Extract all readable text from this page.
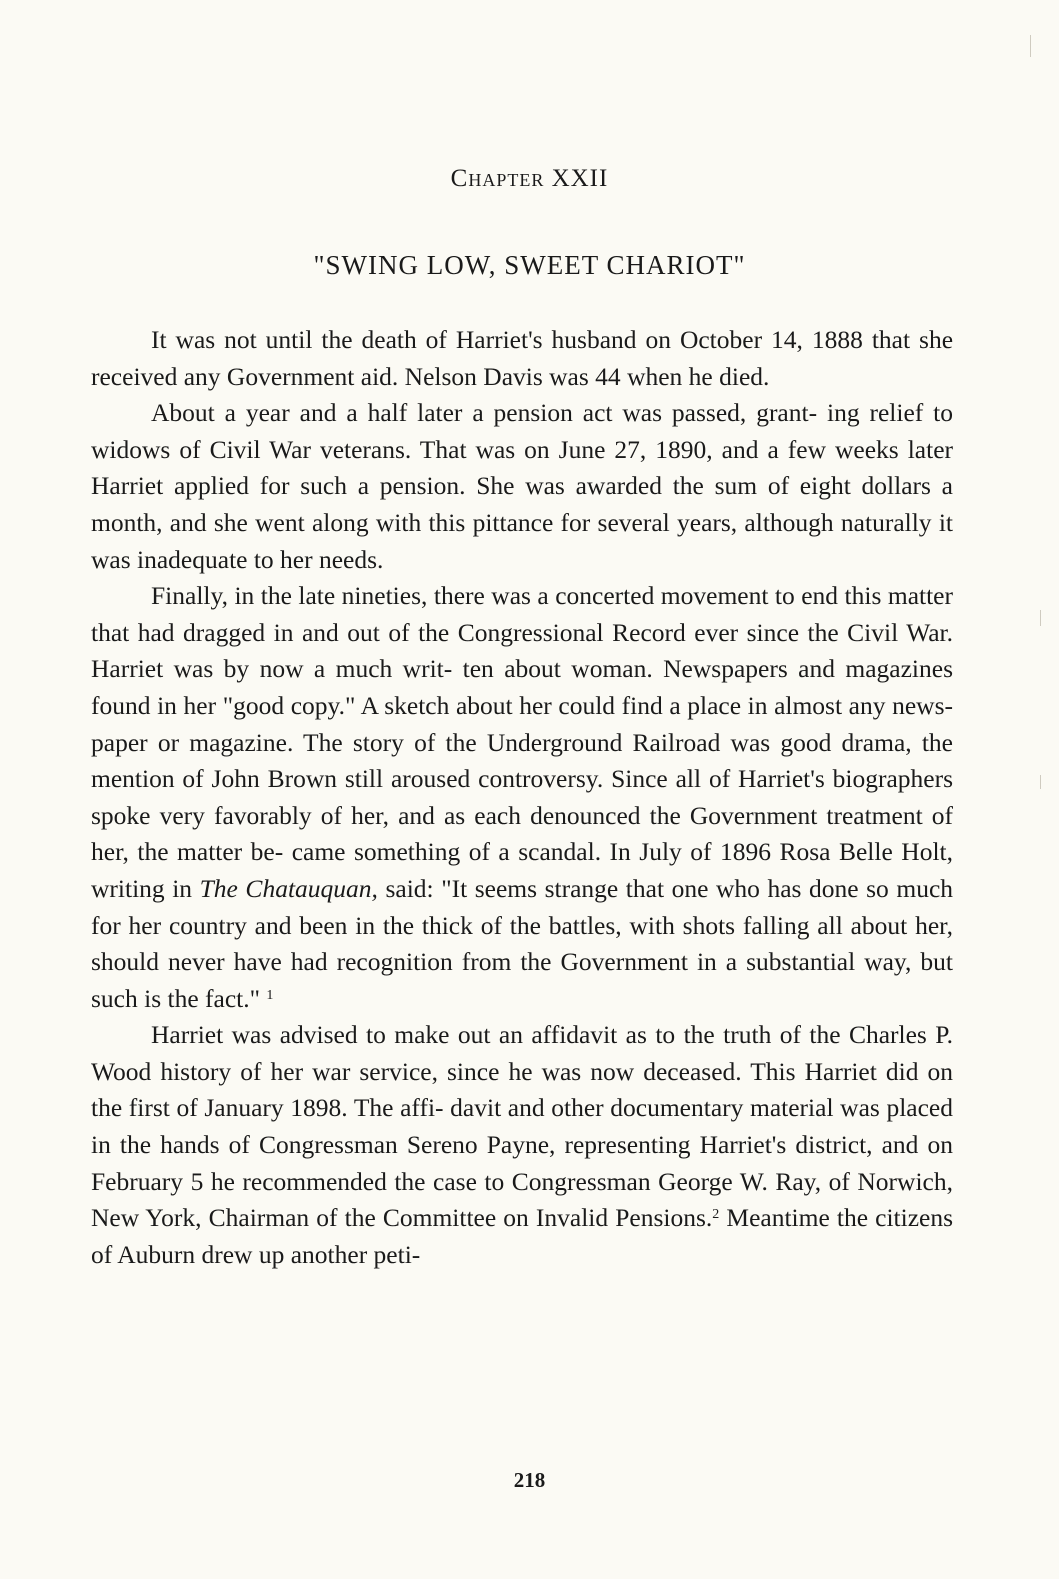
Chapter XXII
"SWING LOW, SWEET CHARIOT"

It was not until the death of Harriet's husband on October 14, 1888 that she received any Government aid. Nelson Davis was 44 when he died.

About a year and a half later a pension act was passed, grant- ing relief to widows of Civil War veterans. That was on June 27, 1890, and a few weeks later Harriet applied for such a pension. She was awarded the sum of eight dollars a month, and she went along with this pittance for several years, although naturally it was inadequate to her needs.

Finally, in the late nineties, there was a concerted movement to end this matter that had dragged in and out of the Congressional Record ever since the Civil War. Harriet was by now a much writ- ten about woman. Newspapers and magazines found in her "good copy." A sketch about her could find a place in almost any news- paper or magazine. The story of the Underground Railroad was good drama, the mention of John Brown still aroused controversy. Since all of Harriet's biographers spoke very favorably of her, and as each denounced the Government treatment of her, the matter be- came something of a scandal. In July of 1896 Rosa Belle Holt, writing in The Chatauquan, said: "It seems strange that one who has done so much for her country and been in the thick of the battles, with shots falling all about her, should never have had recognition from the Government in a substantial way, but such is the fact." $^1$

Harriet was advised to make out an affidavit as to the truth of the Charles P. Wood history of her war service, since he was now deceased. This Harriet did on the first of January 1898. The affi- davit and other documentary material was placed in the hands of Congressman Sereno Payne, representing Harriet's district, and on February 5 he recommended the case to Congressman George W. Ray, of Norwich, New York, Chairman of the Committee on Invalid Pensions.$^2$ Meantime the citizens of Auburn drew up another peti-

218
